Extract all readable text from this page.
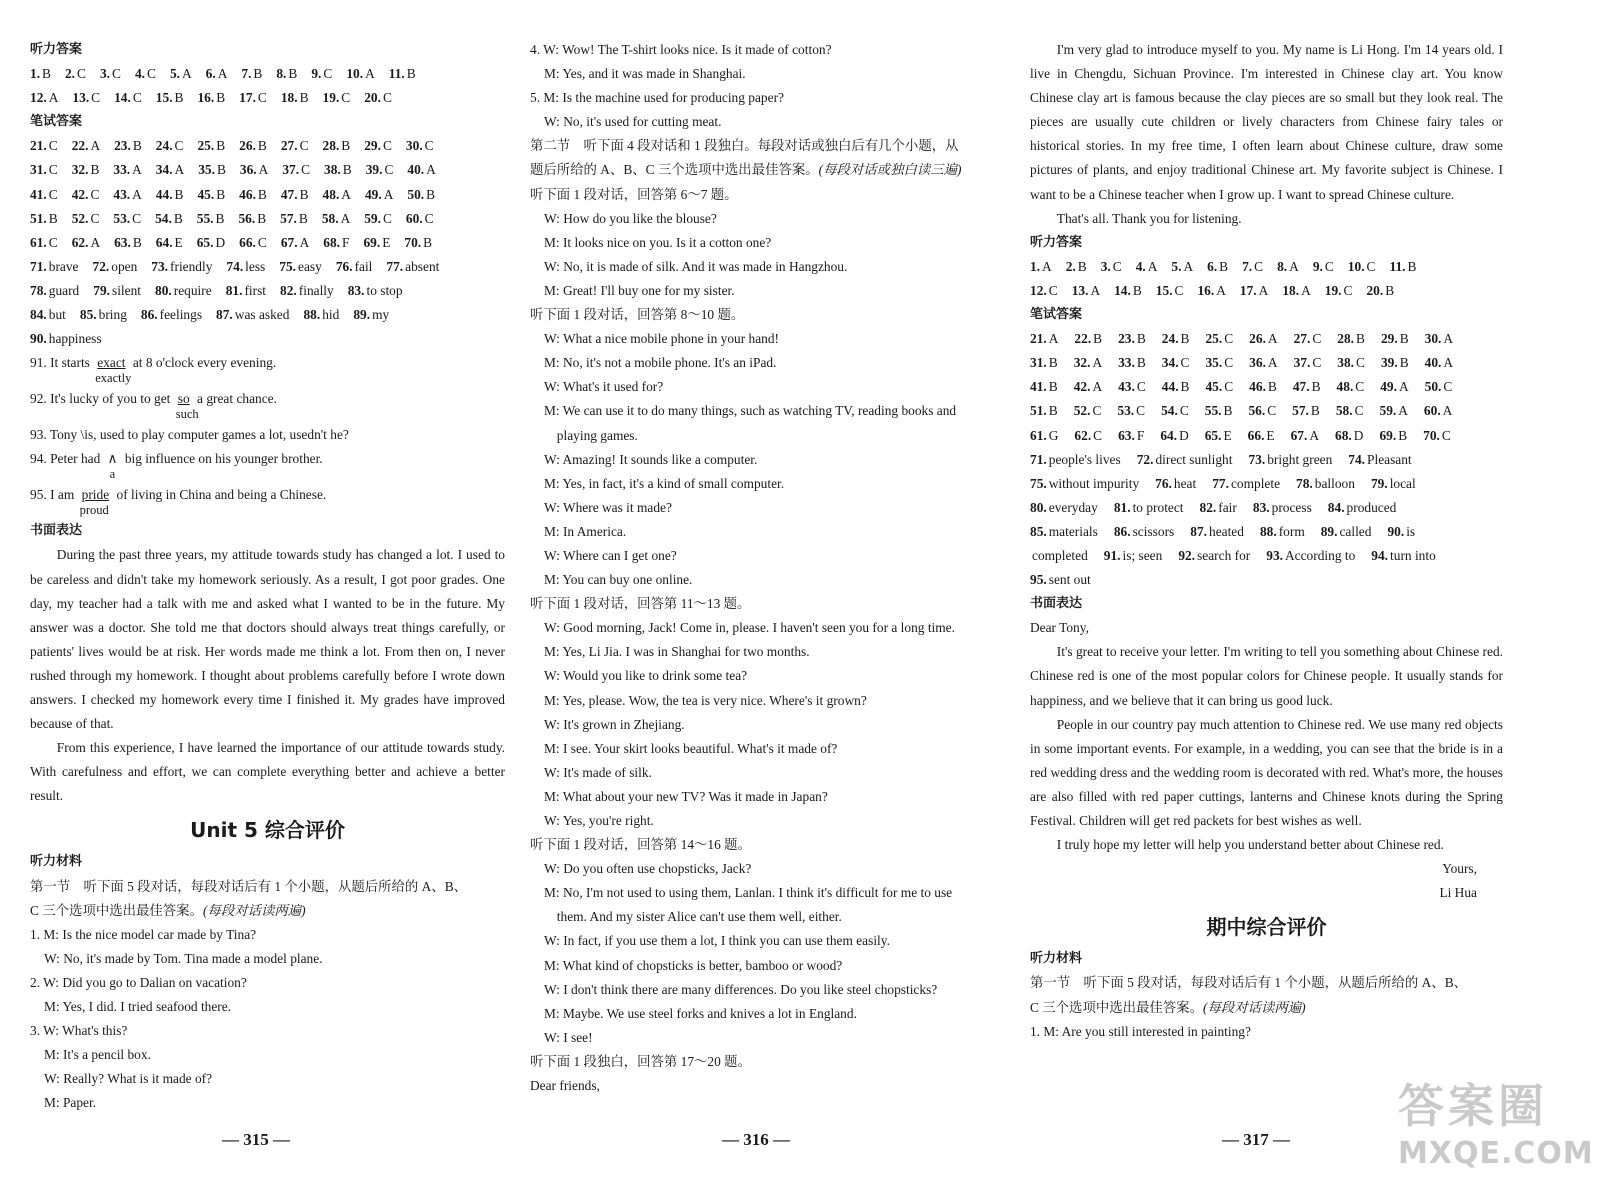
听力答案
1. B 2. C 3. C 4. C 5. A 6. A 7. B 8. B 9. C 10. A 11. B
12. A 13. C 14. C 15. B 16. B 17. C 18. B 19. C 20. C
笔试答案
21. C 22. A 23. B 24. C 25. B 26. B 27. C 28. B 29. C 30. C
31. C 32. B 33. A 34. A 35. B 36. A 37. C 38. B 39. C 40. A
41. C 42. C 43. A 44. B 45. B 46. B 47. B 48. A 49. A 50. B
51. B 52. C 53. C 54. B 55. B 56. B 57. B 58. A 59. C 60. C
61. C 62. A 63. B 64. E 65. D 66. C 67. A 68. F 69. E 70. B
71. brave 72. open 73. friendly 74. less 75. easy 76. fail 77. absent
78. guard 79. silent 80. require 81. first 82. finally 83. to stop
84. but 85. bring 86. feelings 87. was asked 88. hid 89. my
90. happiness
91. It starts exact
exactly
at 8 o'clock every evening.
92. It's lucky of you to get so
such
a great chance.
93. Tony \is, used to play computer games a lot, usedn't he?
94. Peter had ∧
a
big influence on his younger brother.
95. I am pride
proud
of living in China and being a Chinese.
书面表达
During the past three years, my attitude towards study has changed a lot. I used to be careless and didn't take my homework seriously. As a result, I got poor grades. One day, my teacher had a talk with me and asked what I wanted to be in the future. My answer was a doctor. She told me that doctors should always treat things carefully, or patients' lives would be at risk. Her words made me think a lot. From then on, I never rushed through my homework. I thought about problems carefully before I wrote down answers. I checked my homework every time I finished it. My grades have improved because of that.
From this experience, I have learned the importance of our attitude towards study. With carefulness and effort, we can complete everything better and achieve a better result.
Unit 5 综合评价
听力材料
第一节　听下面 5 段对话，每段对话后有 1 个小题，从题后所给的 A、B、
C 三个选项中选出最佳答案。(每段对话读两遍)
1. M: Is the nice model car made by Tina?
W: No, it's made by Tom. Tina made a model plane.
2. W: Did you go to Dalian on vacation?
M: Yes, I did. I tried seafood there.
3. W: What's this?
M: It's a pencil box.
W: Really? What is it made of?
M: Paper.
4. W: Wow! The T-shirt looks nice. Is it made of cotton?
M: Yes, and it was made in Shanghai.
5. M: Is the machine used for producing paper?
W: No, it's used for cutting meat.
第二节　听下面 4 段对话和 1 段独白。每段对话或独白后有几个小题，从
题后所给的 A、B、C 三个选项中选出最佳答案。(每段对话或独白读三遍)
听下面 1 段对话，回答第 6～7 题。
W: How do you like the blouse?
M: It looks nice on you. Is it a cotton one?
W: No, it is made of silk. And it was made in Hangzhou.
M: Great! I'll buy one for my sister.
听下面 1 段对话，回答第 8～10 题。
W: What a nice mobile phone in your hand!
M: No, it's not a mobile phone. It's an iPad.
W: What's it used for?
M: We can use it to do many things, such as watching TV, reading books and
playing games.
W: Amazing! It sounds like a computer.
M: Yes, in fact, it's a kind of small computer.
W: Where was it made?
M: In America.
W: Where can I get one?
M: You can buy one online.
听下面 1 段对话，回答第 11～13 题。
W: Good morning, Jack! Come in, please. I haven't seen you for a long time.
M: Yes, Li Jia. I was in Shanghai for two months.
W: Would you like to drink some tea?
M: Yes, please. Wow, the tea is very nice. Where's it grown?
W: It's grown in Zhejiang.
M: I see. Your skirt looks beautiful. What's it made of?
W: It's made of silk.
M: What about your new TV? Was it made in Japan?
W: Yes, you're right.
听下面 1 段对话，回答第 14～16 题。
W: Do you often use chopsticks, Jack?
M: No, I'm not used to using them, Lanlan. I think it's difficult for me to use
them. And my sister Alice can't use them well, either.
W: In fact, if you use them a lot, I think you can use them easily.
M: What kind of chopsticks is better, bamboo or wood?
W: I don't think there are many differences. Do you like steel chopsticks?
M: Maybe. We use steel forks and knives a lot in England.
W: I see!
听下面 1 段独白，回答第 17～20 题。
Dear friends,
I'm very glad to introduce myself to you. My name is Li Hong. I'm 14 years old. I live in Chengdu, Sichuan Province. I'm interested in Chinese clay art. You know Chinese clay art is famous because the clay pieces are so small but they look real. The pieces are usually cute children or lively characters from Chinese fairy tales or historical stories. In my free time, I often learn about Chinese culture, draw some pictures of plants, and enjoy traditional Chinese art. My favorite subject is Chinese. I want to be a Chinese teacher when I grow up. I want to spread Chinese culture.
That's all. Thank you for listening.
听力答案
1. A 2. B 3. C 4. A 5. A 6. B 7. C 8. A 9. C 10. C 11. B
12. C 13. A 14. B 15. C 16. A 17. A 18. A 19. C 20. B
笔试答案
21. A 22. B 23. B 24. B 25. C 26. A 27. C 28. B 29. B 30. A
31. B 32. A 33. B 34. C 35. C 36. A 37. C 38. C 39. B 40. A
41. B 42. A 43. C 44. B 45. C 46. B 47. B 48. C 49. A 50. C
51. B 52. C 53. C 54. C 55. B 56. C 57. B 58. C 59. A 60. A
61. G 62. C 63. F 64. D 65. E 66. E 67. A 68. D 69. B 70. C
71. people's lives 72. direct sunlight 73. bright green 74. Pleasant
75. without impurity 76. heat 77. complete 78. balloon 79. local
80. everyday 81. to protect 82. fair 83. process 84. produced
85. materials 86. scissors 87. heated 88. form 89. called 90. is
completed 91. is; seen 92. search for 93. According to 94. turn into
95. sent out
书面表达
Dear Tony,
It's great to receive your letter. I'm writing to tell you something about Chinese red. Chinese red is one of the most popular colors for Chinese people. It usually stands for happiness, and we believe that it can bring us good luck.
People in our country pay much attention to Chinese red. We use many red objects in some important events. For example, in a wedding, you can see that the bride is in a red wedding dress and the wedding room is decorated with red. What's more, the houses are also filled with red paper cuttings, lanterns and Chinese knots during the Spring Festival. Children will get red packets for best wishes as well.
I truly hope my letter will help you understand better about Chinese red.
Yours,
Li Hua
期中综合评价
听力材料
第一节　听下面 5 段对话，每段对话后有 1 个小题，从题后所给的 A、B、
C 三个选项中选出最佳答案。(每段对话读两遍)
1. M: Are you still interested in painting?
— 315 —	— 316 —	— 317 —
答案圈
MXQE.COM
